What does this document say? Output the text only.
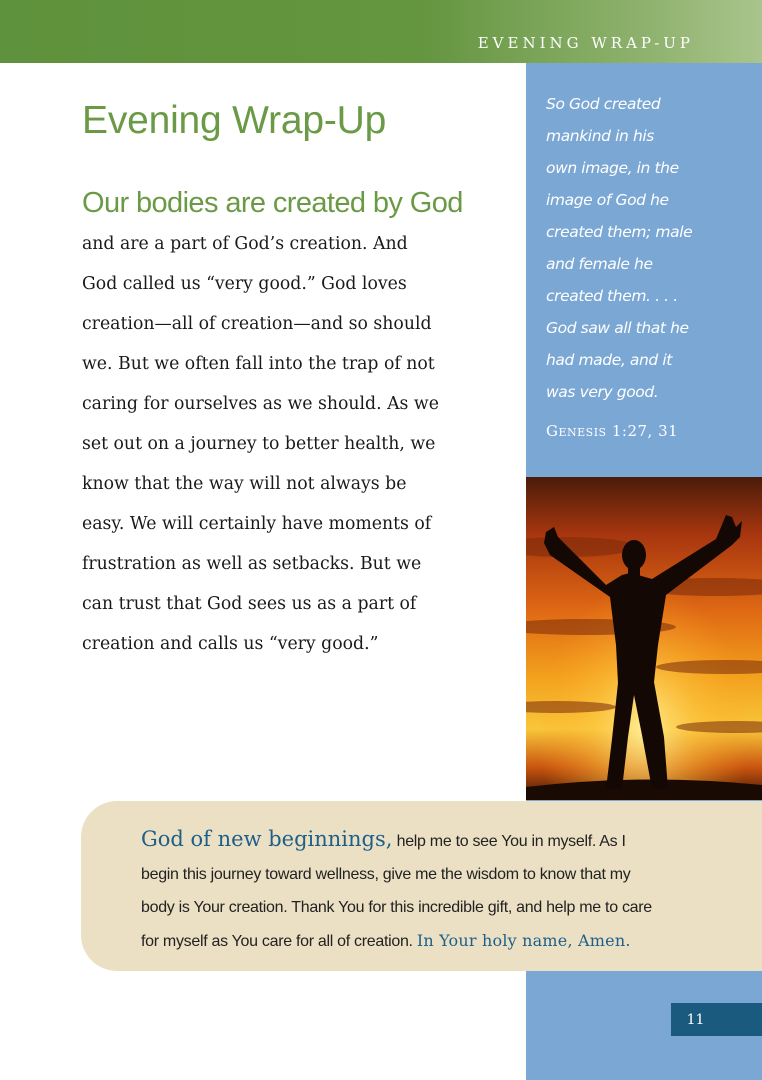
EVENING WRAP-UP
So God created
mankind in his
own image, in the
image of God he
created them; male
and female he
created them. . . .
God saw all that he
had made, and it
was very good.
Genesis 1:27, 31
Evening Wrap-Up
Our bodies are created by God
and are a part of God’s creation. And
God called us “very good.” God loves
creation—all of creation—and so should
we. But we often fall into the trap of not
caring for ourselves as we should. As we
set out on a journey to better health, we
know that the way will not always be
easy. We will certainly have moments of
frustration as well as setbacks. But we
can trust that God sees us as a part of
creation and calls us “very good.”
God of new beginnings, help me to see You in myself. As I
begin this journey toward wellness, give me the wisdom to know that my
body is Your creation. Thank You for this incredible gift, and help me to care
for myself as You care for all of creation. In Your holy name, Amen.
11
